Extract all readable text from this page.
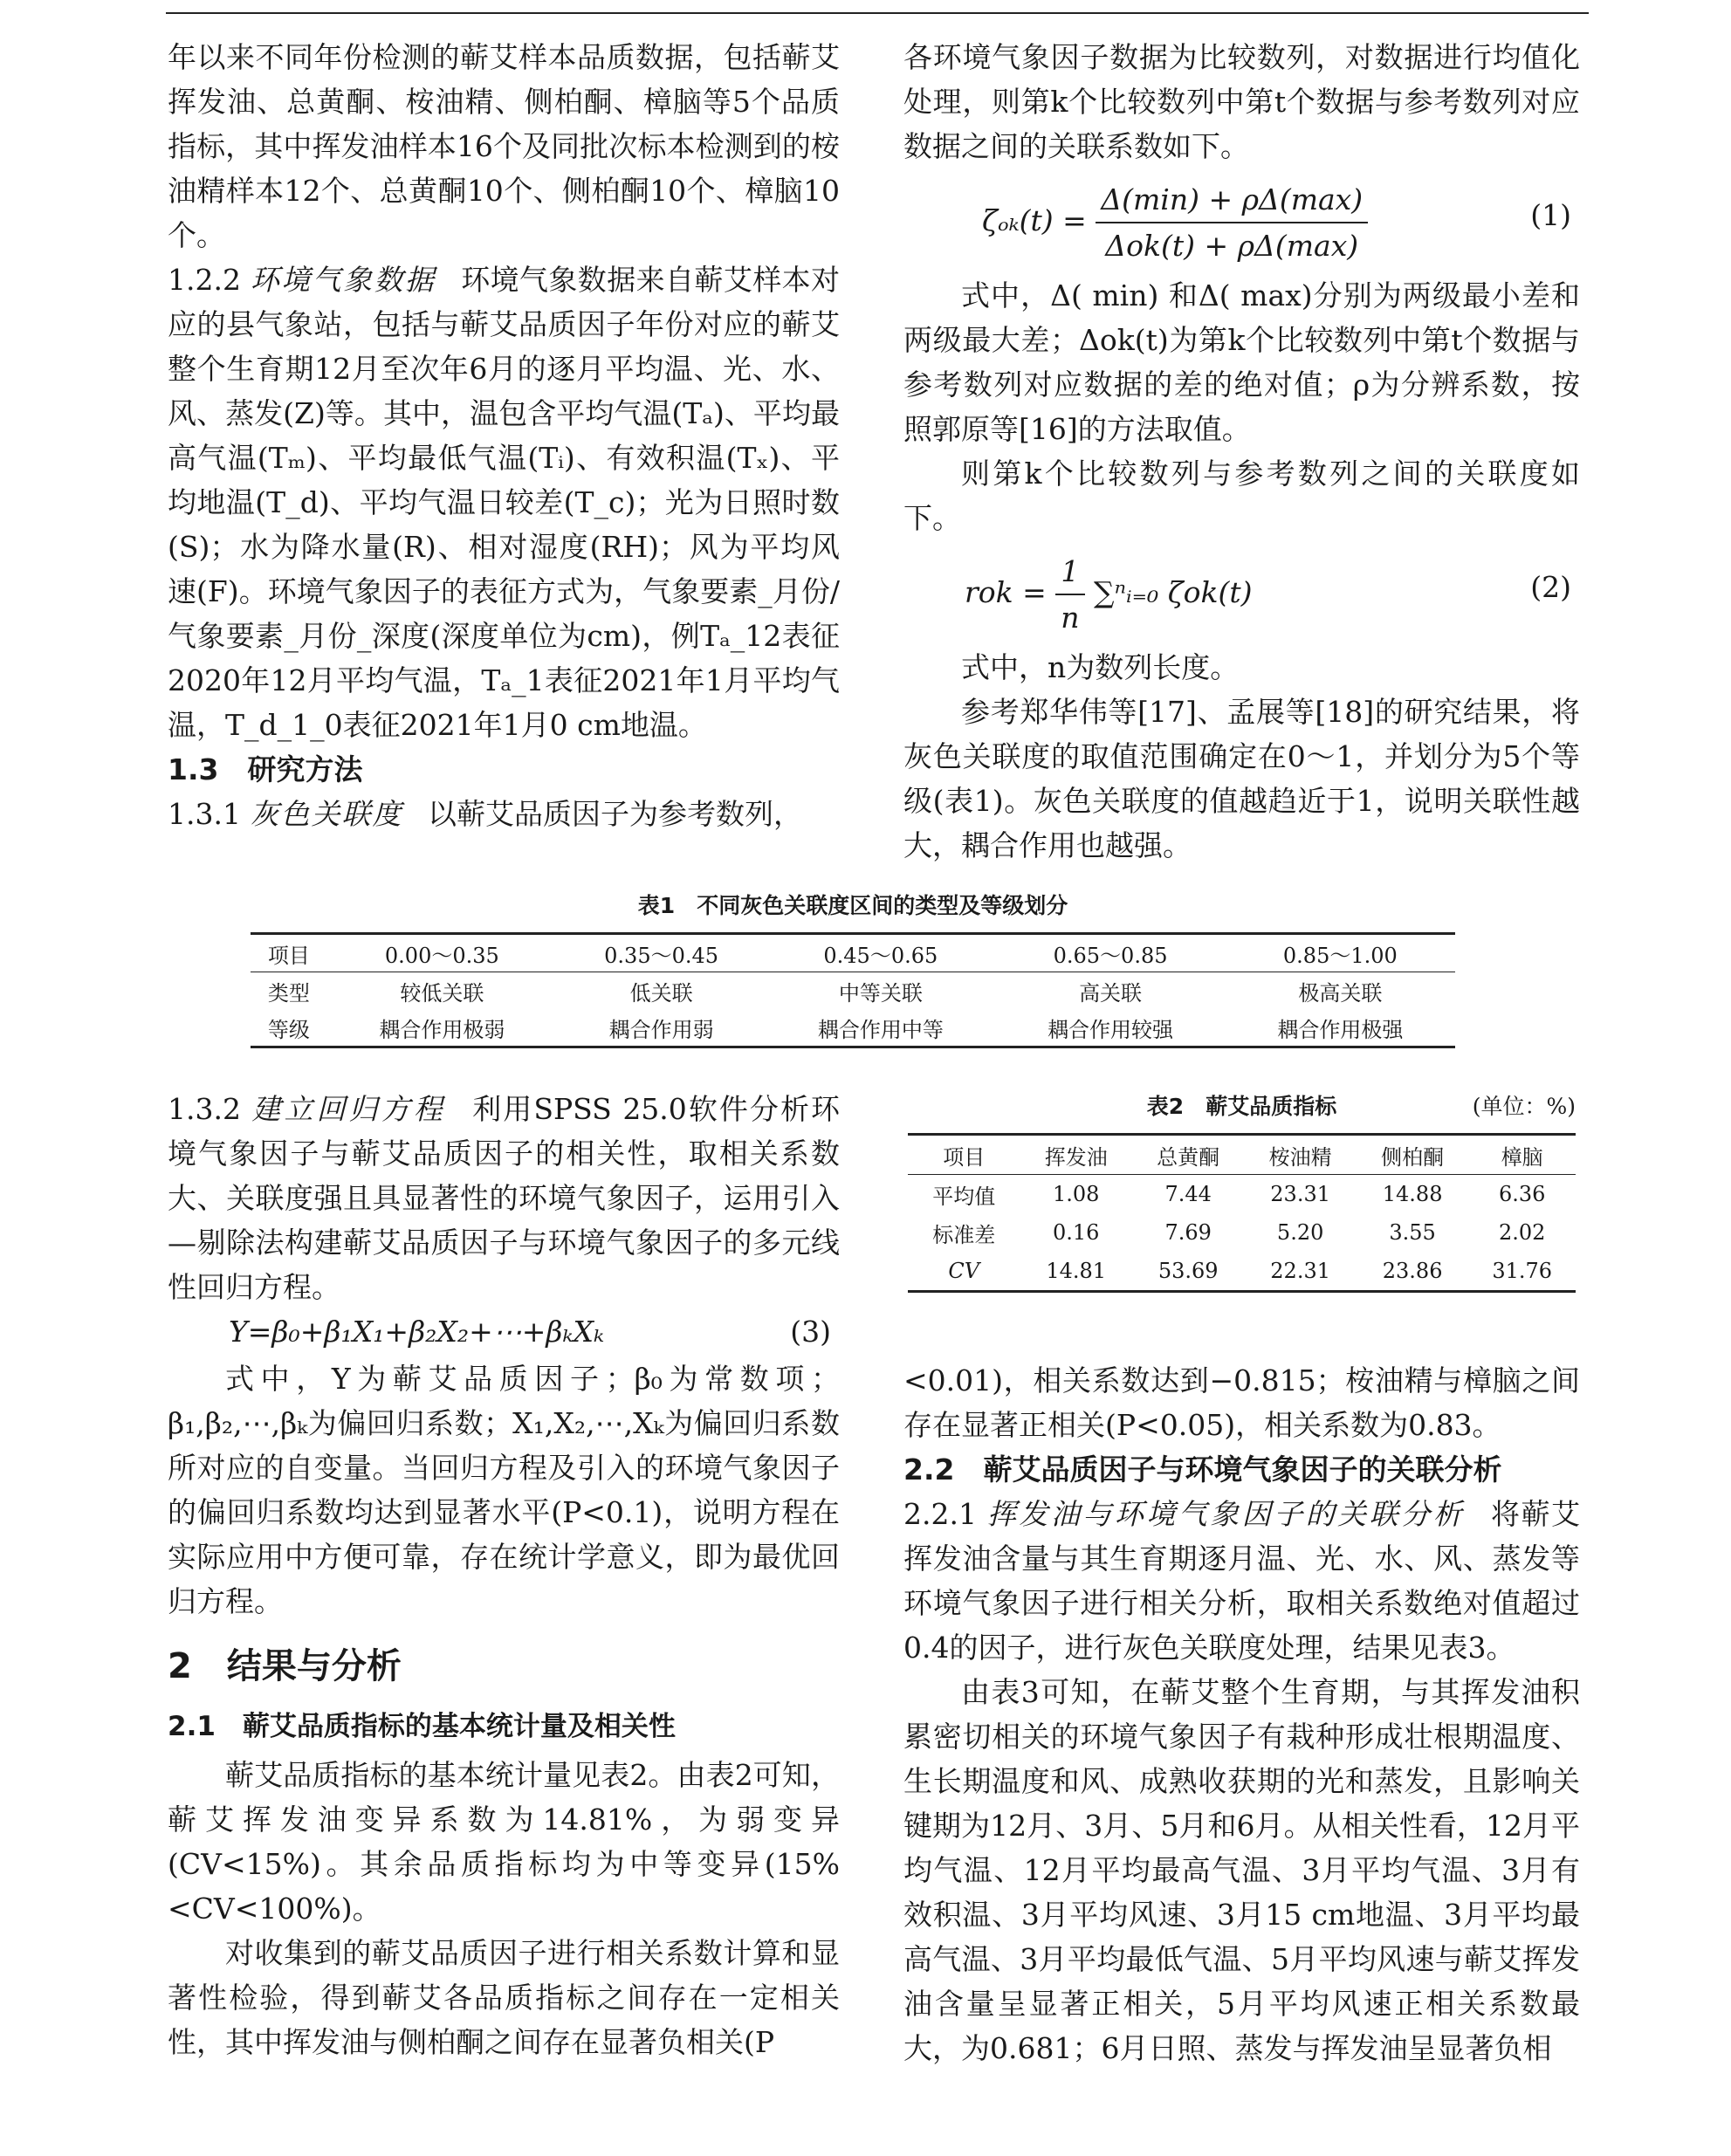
年以来不同年份检测的蕲艾样本品质数据，包括蕲艾挥发油、总黄酮、桉油精、侧柏酮、樟脑等5个品质指标，其中挥发油样本16个及同批次标本检测到的桉油精样本12个、总黄酮10个、侧柏酮10个、樟脑10个。

1.2.2 环境气象数据 环境气象数据来自蕲艾样本对应的县气象站，包括与蕲艾品质因子年份对应的蕲艾整个生育期12月至次年6月的逐月平均温、光、水、风、蒸发(Z)等。其中，温包含平均气温(Tₐ)、平均最高气温(Tₘ)、平均最低气温(Tᵢ)、有效积温(Tₓ)、平均地温(T_d)、平均气温日较差(T_c)；光为日照时数(S)；水为降水量(R)、相对湿度(RH)；风为平均风速(F)。环境气象因子的表征方式为，气象要素_月份/气象要素_月份_深度(深度单位为cm)，例Tₐ_12表征2020年12月平均气温，Tₐ_1表征2021年1月平均气温，T_d_1_0表征2021年1月0 cm地温。

1.3　研究方法

1.3.1 灰色关联度 以蕲艾品质因子为参考数列，

各环境气象因子数据为比较数列，对数据进行均值化处理，则第k个比较数列中第t个数据与参考数列对应数据之间的关联系数如下。

$\zeta_{ok}(t) = \frac{\Delta(\min) + \rho\Delta(\max)}{\text{Δok(t) + ρΔ(max)}}$	(1)

式中，Δ( min) 和Δ( max)分别为两级最小差和两级最大差；Δok(t)为第k个比较数列中第t个数据与参考数列对应数据的差的绝对值；ρ为分辨系数，按照郭原等[16]的方法取值。

则第k个比较数列与参考数列之间的关联度如下。

rok = $\frac{1}{n}$ ∑ⁿᵢ₌₀ ζok(t)	(2)

式中，n为数列长度。

参考郑华伟等[17]、孟展等[18]的研究结果，将灰色关联度的取值范围确定在0～1，并划分为5个等级(表1)。灰色关联度的值越趋近于1，说明关联性越大，耦合作用也越强。

表1　不同灰色关联度区间的类型及等级划分
项目	0.00～0.35	0.35～0.45	0.45～0.65	0.65～0.85	0.85～1.00
类型	较低关联	低关联	中等关联	高关联	极高关联
等级	耦合作用极弱	耦合作用弱	耦合作用中等	耦合作用较强	耦合作用极强

1.3.2 建立回归方程 利用SPSS 25.0软件分析环境气象因子与蕲艾品质因子的相关性，取相关系数大、关联度强且具显著性的环境气象因子，运用引入—剔除法构建蕲艾品质因子与环境气象因子的多元线性回归方程。

Y=β₀+β₁X₁+β₂X₂+⋯+βₖXₖ	(3)

式中，Y为蕲艾品质因子；β₀为常数项；β₁,β₂,⋯,βₖ为偏回归系数；X₁,X₂,⋯,Xₖ为偏回归系数所对应的自变量。当回归方程及引入的环境气象因子的偏回归系数均达到显著水平(P<0.1)，说明方程在实际应用中方便可靠，存在统计学意义，即为最优回归方程。

2　结果与分析
2.1　蕲艾品质指标的基本统计量及相关性

蕲艾品质指标的基本统计量见表2。由表2可知，蕲艾挥发油变异系数为14.81%，为弱变异(CV<15%)。其余品质指标均为中等变异(15%<CV<100%)。

对收集到的蕲艾品质因子进行相关系数计算和显著性检验，得到蕲艾各品质指标之间存在一定相关性，其中挥发油与侧柏酮之间存在显著负相关(P

表2　蕲艾品质指标	(单位：%)
项目	挥发油	总黄酮	桉油精	侧柏酮	樟脑
平均值	1.08	7.44	23.31	14.88	6.36
标准差	0.16	7.69	5.20	3.55	2.02
CV	14.81	53.69	22.31	23.86	31.76

<0.01)，相关系数达到−0.815；桉油精与樟脑之间存在显著正相关(P<0.05)，相关系数为0.83。

2.2　蕲艾品质因子与环境气象因子的关联分析

2.2.1 挥发油与环境气象因子的关联分析 将蕲艾挥发油含量与其生育期逐月温、光、水、风、蒸发等环境气象因子进行相关分析，取相关系数绝对值超过0.4的因子，进行灰色关联度处理，结果见表3。

由表3可知，在蕲艾整个生育期，与其挥发油积累密切相关的环境气象因子有栽种形成壮根期温度、生长期温度和风、成熟收获期的光和蒸发，且影响关键期为12月、3月、5月和6月。从相关性看，12月平均气温、12月平均最高气温、3月平均气温、3月有效积温、3月平均风速、3月15 cm地温、3月平均最高气温、3月平均最低气温、5月平均风速与蕲艾挥发油含量呈显著正相关，5月平均风速正相关系数最大，为0.681；6月日照、蒸发与挥发油呈显著负相
